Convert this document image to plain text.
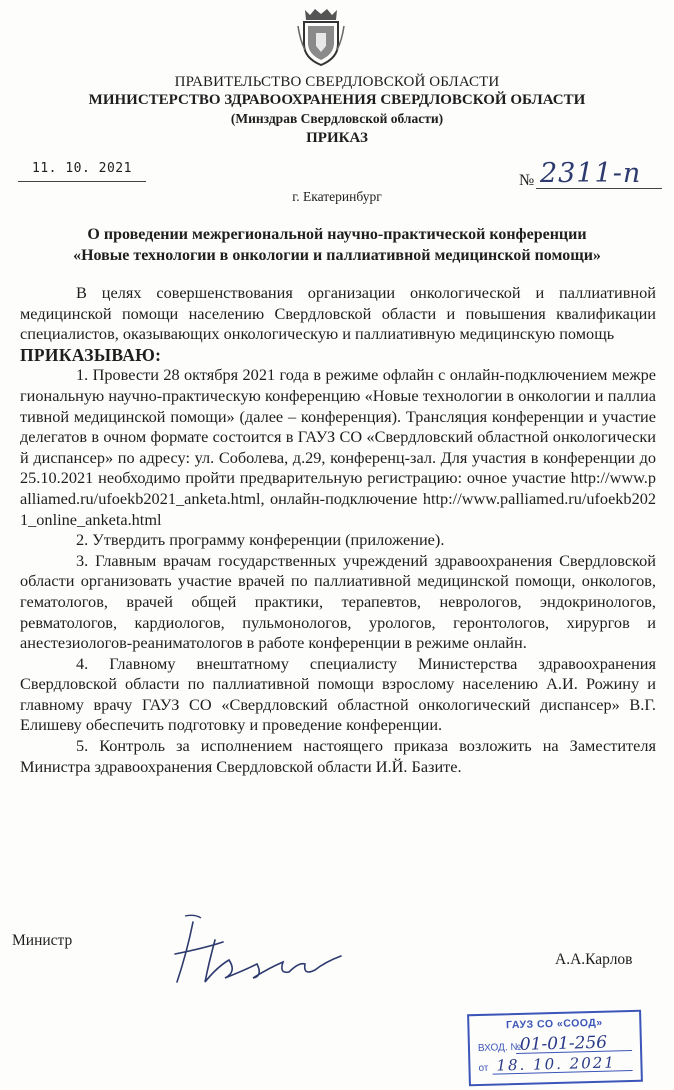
ПРАВИТЕЛЬСТВО СВЕРДЛОВСКОЙ ОБЛАСТИ
МИНИСТЕРСТВО ЗДРАВООХРАНЕНИЯ СВЕРДЛОВСКОЙ ОБЛАСТИ
(Минздрав Свердловской области)
ПРИКАЗ
11. 10. 2021
№ 2311-п
г. Екатеринбург
О проведении межрегиональной научно-практической конференции
«Новые технологии в онкологии и паллиативной медицинской помощи»

В целях совершенствования организации онкологической и паллиативной медицинской помощи населению Свердловской области и повышения квалификации специалистов, оказывающих онкологическую и паллиативную медицинскую помощь

ПРИКАЗЫВАЮ:

1. Провести 28 октября 2021 года в режиме офлайн с онлайн-подключением межрегиональную научно-практическую конференцию «Новые технологии в онкологии и паллиативной медицинской помощи» (далее – конференция). Трансляция конференции и участие делегатов в очном формате состоится в ГАУЗ СО «Свердловский областной онкологический диспансер» по адресу: ул. Соболева, д.29, конференц-зал. Для участия в конференции до 25.10.2021 необходимо пройти предварительную регистрацию: очное участие http://www.palliamed.ru/ufoekb2021_anketa.html, онлайн-подключение http://www.palliamed.ru/ufoekb2021_online_anketa.html

2. Утвердить программу конференции (приложение).

3. Главным врачам государственных учреждений здравоохранения Свердловской области организовать участие врачей по паллиативной медицинской помощи, онкологов, гематологов, врачей общей практики, терапевтов, неврологов, эндокринологов, ревматологов, кардиологов, пульмонологов, урологов, геронтологов, хирургов и анестезиологов-реаниматологов в работе конференции в режиме онлайн.

4. Главному внештатному специалисту Министерства здравоохранения Свердловской области по паллиативной помощи взрослому населению А.И. Рожину и главному врачу ГАУЗ СО «Свердловский областной онкологический диспансер» В.Г. Елишеву обеспечить подготовку и проведение конференции.

5. Контроль за исполнением настоящего приказа возложить на Заместителя Министра здравоохранения Свердловской области И.Й. Базите.

Министр
А.А.Карлов
ГАУЗ СО «СООД»
ВХОД. №
01-01-256
от 18. 10. 2021
